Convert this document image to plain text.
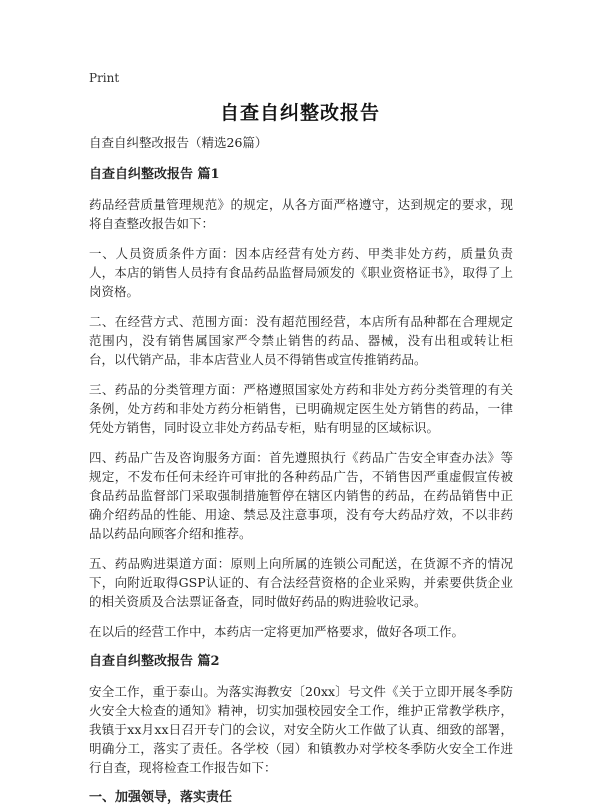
Print
自查自纠整改报告
自查自纠整改报告（精选26篇）
自查自纠整改报告 篇1

药品经营质量管理规范》的规定，从各方面严格遵守，达到规定的要求，现将自查整改报告如下：

一、人员资质条件方面：因本店经营有处方药、甲类非处方药，质量负责人，本店的销售人员持有食品药品监督局颁发的《职业资格证书》，取得了上岗资格。

二、在经营方式、范围方面：没有超范围经营，本店所有品种都在合理规定范围内，没有销售属国家严令禁止销售的药品、器械，没有出租或转让柜台，以代销产品，非本店营业人员不得销售或宣传推销药品。

三、药品的分类管理方面：严格遵照国家处方药和非处方药分类管理的有关条例，处方药和非处方药分柜销售，已明确规定医生处方销售的药品，一律凭处方销售，同时设立非处方药品专柜，贴有明显的区域标识。

四、药品广告及咨询服务方面：首先遵照执行《药品广告安全审查办法》等规定，不发布任何未经许可审批的各种药品广告，不销售因严重虚假宣传被食品药品监督部门采取强制措施暂停在辖区内销售的药品，在药品销售中正确介绍药品的性能、用途、禁忌及注意事项，没有夸大药品疗效，不以非药品以药品向顾客介绍和推荐。

五、药品购进渠道方面：原则上向所属的连锁公司配送，在货源不齐的情况下，向附近取得GSP认证的、有合法经营资格的企业采购，并索要供货企业的相关资质及合法票证备查，同时做好药品的购进验收记录。

在以后的经营工作中，本药店一定将更加严格要求，做好各项工作。

自查自纠整改报告 篇2

安全工作，重于泰山。为落实海教安〔20xx〕号文件《关于立即开展冬季防火安全大检查的通知》精神，切实加强校园安全工作，维护正常教学秩序，我镇于xx月xx日召开专门的会议，对安全防火工作做了认真、细致的部署，明确分工，落实了责任。各学校（园）和镇教办对学校冬季防火安全工作进行自查，现将检查工作报告如下：

一、加强领导，落实责任
